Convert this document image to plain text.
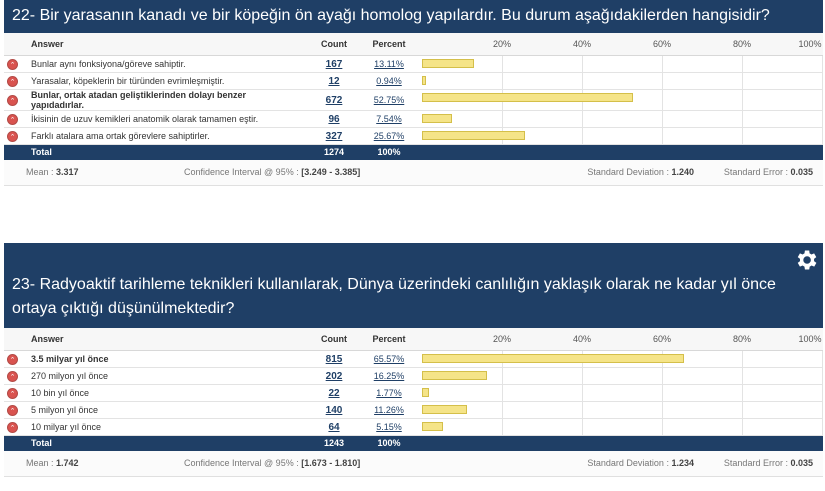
22- Bir yarasanın kanadı ve bir köpeğin ön ayağı homolog yapılardır. Bu durum aşağıdakilerden hangisidir?
	Answer	Count	Percent	20% 40% 60% 80% 100%

⌃	Bunlar aynı fonksiyona/göreve sahiptir.	167	13.11%	

⌃	Yarasalar, köpeklerin bir türünden evrimleşmiştir.	12	0.94%	

⌃	Bunlar, ortak atadan geliştiklerinden dolayı benzer yapıdadırlar.	672	52.75%	

⌃	İkisinin de uzuv kemikleri anatomik olarak tamamen eştir.	96	7.54%	

⌃	Farklı atalara ama ortak görevlere sahiptirler.	327	25.67%	

	Total	1274	100%	
Mean : 3.317	Confidence Interval @ 95% : [3.249 - 3.385]	Standard Deviation : 1.240	Standard Error : 0.035
23- Radyoaktif tarihleme teknikleri kullanılarak, Dünya üzerindeki canlılığın yaklaşık olarak ne kadar yıl önce ortaya çıktığı düşünülmektedir?
	Answer	Count	Percent	20% 40% 60% 80% 100%

⌃	3.5 milyar yıl önce	815	65.57%	

⌃	270 milyon yıl önce	202	16.25%	

⌃	10 bin yıl önce	22	1.77%	

⌃	5 milyon yıl önce	140	11.26%	

⌃	10 milyar yıl önce	64	5.15%	

	Total	1243	100%	
Mean : 1.742	Confidence Interval @ 95% : [1.673 - 1.810]	Standard Deviation : 1.234	Standard Error : 0.035
